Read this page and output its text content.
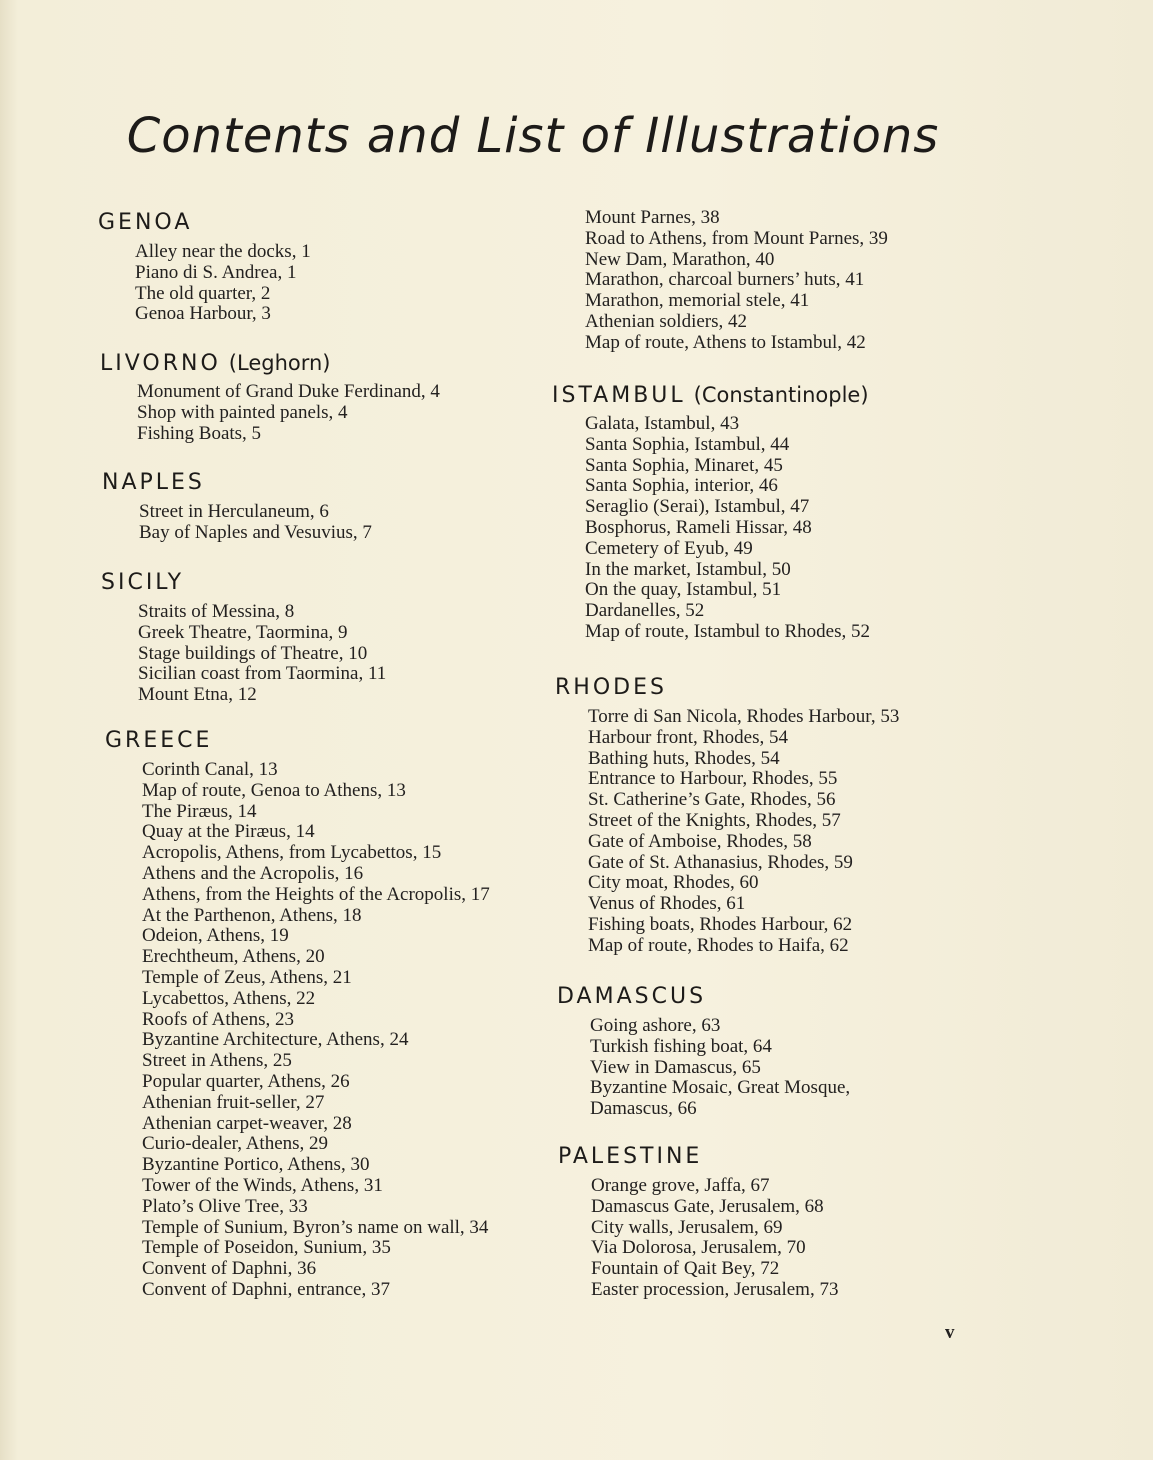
Contents and List of Illustrations
GENOA
Alley near the docks, 1
Piano di S. Andrea, 1
The old quarter, 2
Genoa Harbour, 3
LIVORNO (Leghorn)
Monument of Grand Duke Ferdinand, 4
Shop with painted panels, 4
Fishing Boats, 5
NAPLES
Street in Herculaneum, 6
Bay of Naples and Vesuvius, 7
SICILY
Straits of Messina, 8
Greek Theatre, Taormina, 9
Stage buildings of Theatre, 10
Sicilian coast from Taormina, 11
Mount Etna, 12
GREECE
Corinth Canal, 13
Map of route, Genoa to Athens, 13
The Piræus, 14
Quay at the Piræus, 14
Acropolis, Athens, from Lycabettos, 15
Athens and the Acropolis, 16
Athens, from the Heights of the Acropolis, 17
At the Parthenon, Athens, 18
Odeion, Athens, 19
Erechtheum, Athens, 20
Temple of Zeus, Athens, 21
Lycabettos, Athens, 22
Roofs of Athens, 23
Byzantine Architecture, Athens, 24
Street in Athens, 25
Popular quarter, Athens, 26
Athenian fruit-seller, 27
Athenian carpet-weaver, 28
Curio-dealer, Athens, 29
Byzantine Portico, Athens, 30
Tower of the Winds, Athens, 31
Plato’s Olive Tree, 33
Temple of Sunium, Byron’s name on wall, 34
Temple of Poseidon, Sunium, 35
Convent of Daphni, 36
Convent of Daphni, entrance, 37
Mount Parnes, 38
Road to Athens, from Mount Parnes, 39
New Dam, Marathon, 40
Marathon, charcoal burners’ huts, 41
Marathon, memorial stele, 41
Athenian soldiers, 42
Map of route, Athens to Istambul, 42
ISTAMBUL (Constantinople)
Galata, Istambul, 43
Santa Sophia, Istambul, 44
Santa Sophia, Minaret, 45
Santa Sophia, interior, 46
Seraglio (Serai), Istambul, 47
Bosphorus, Rameli Hissar, 48
Cemetery of Eyub, 49
In the market, Istambul, 50
On the quay, Istambul, 51
Dardanelles, 52
Map of route, Istambul to Rhodes, 52
RHODES
Torre di San Nicola, Rhodes Harbour, 53
Harbour front, Rhodes, 54
Bathing huts, Rhodes, 54
Entrance to Harbour, Rhodes, 55
St. Catherine’s Gate, Rhodes, 56
Street of the Knights, Rhodes, 57
Gate of Amboise, Rhodes, 58
Gate of St. Athanasius, Rhodes, 59
City moat, Rhodes, 60
Venus of Rhodes, 61
Fishing boats, Rhodes Harbour, 62
Map of route, Rhodes to Haifa, 62
DAMASCUS
Going ashore, 63
Turkish fishing boat, 64
View in Damascus, 65
Byzantine Mosaic, Great Mosque,
Damascus, 66
PALESTINE
Orange grove, Jaffa, 67
Damascus Gate, Jerusalem, 68
City walls, Jerusalem, 69
Via Dolorosa, Jerusalem, 70
Fountain of Qait Bey, 72
Easter procession, Jerusalem, 73
v
